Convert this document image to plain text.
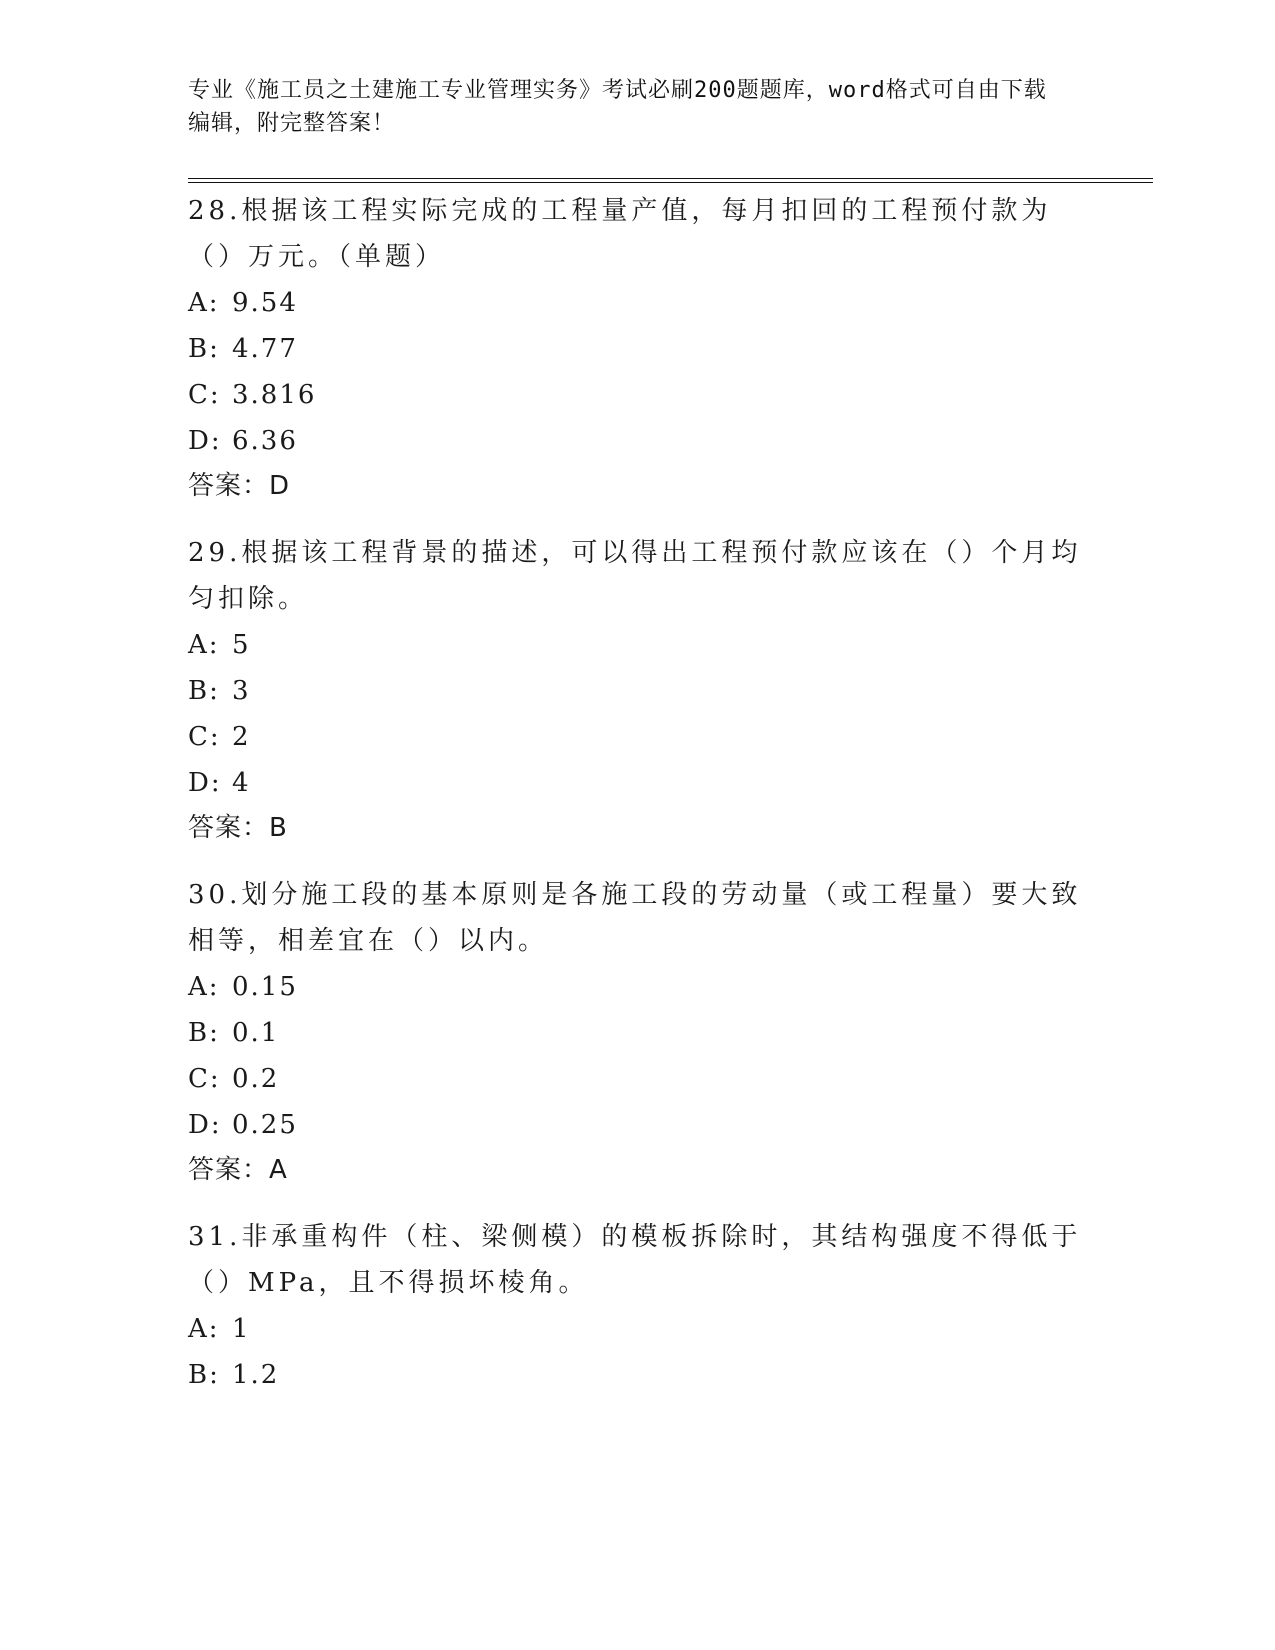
专业《施工员之土建施工专业管理实务》考试必刷200题题库，word格式可自由下载编辑，附完整答案！

28.根据该工程实际完成的工程量产值，每月扣回的工程预付款为（）万元。（单题）

A: 9.54

B: 4.77

C: 3.816

D: 6.36

答案：D

29.根据该工程背景的描述，可以得出工程预付款应该在（）个月均匀扣除。

A: 5

B: 3

C: 2

D: 4

答案：B

30.划分施工段的基本原则是各施工段的劳动量（或工程量）要大致相等，相差宜在（）以内。

A: 0.15

B: 0.1

C: 0.2

D: 0.25

答案：A

31.非承重构件（柱、梁侧模）的模板拆除时，其结构强度不得低于（）MPa，且不得损坏棱角。

A: 1

B: 1.2
